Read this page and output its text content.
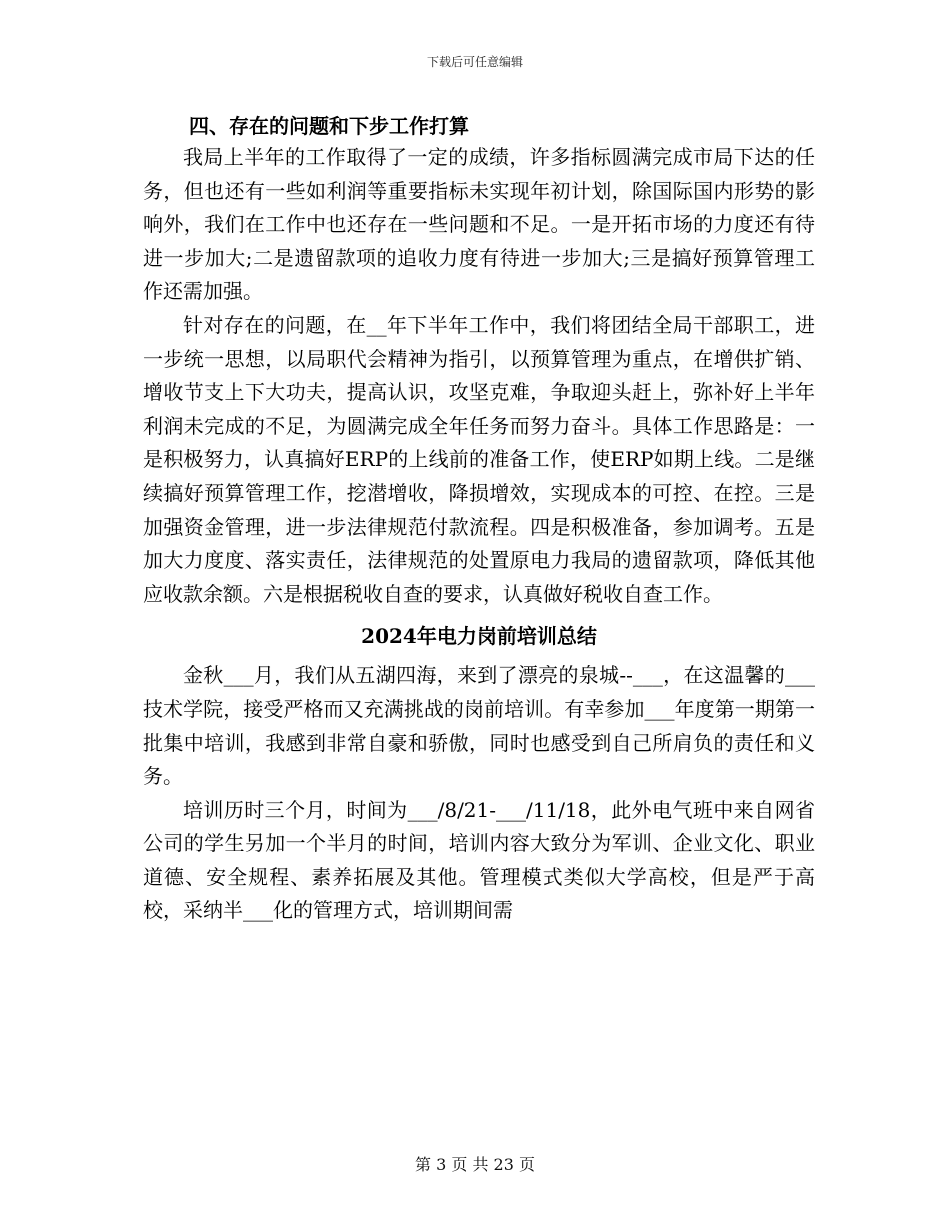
下载后可任意编辑
四、存在的问题和下步工作打算

我局上半年的工作取得了一定的成绩，许多指标圆满完成市局下达的任务，但也还有一些如利润等重要指标未实现年初计划，除国际国内形势的影响外，我们在工作中也还存在一些问题和不足。一是开拓市场的力度还有待进一步加大;二是遗留款项的追收力度有待进一步加大;三是搞好预算管理工作还需加强。

针对存在的问题，在__年下半年工作中，我们将团结全局干部职工，进一步统一思想，以局职代会精神为指引，以预算管理为重点，在增供扩销、增收节支上下大功夫，提高认识，攻坚克难，争取迎头赶上，弥补好上半年利润未完成的不足，为圆满完成全年任务而努力奋斗。具体工作思路是：一是积极努力，认真搞好ERP的上线前的准备工作，使ERP如期上线。二是继续搞好预算管理工作，挖潜增收，降损增效，实现成本的可控、在控。三是加强资金管理，进一步法律规范付款流程。四是积极准备，参加调考。五是加大力度度、落实责任，法律规范的处置原电力我局的遗留款项，降低其他应收款余额。六是根据税收自查的要求，认真做好税收自查工作。

2024年电力岗前培训总结

金秋___月，我们从五湖四海，来到了漂亮的泉城--___，在这温馨的___技术学院，接受严格而又充满挑战的岗前培训。有幸参加___年度第一期第一批集中培训，我感到非常自豪和骄傲，同时也感受到自己所肩负的责任和义务。

培训历时三个月，时间为___/8/21-___/11/18，此外电气班中来自网省公司的学生另加一个半月的时间，培训内容大致分为军训、企业文化、职业道德、安全规程、素养拓展及其他。管理模式类似大学高校，但是严于高校，采纳半___化的管理方式，培训期间需

第 3 页 共 23 页
